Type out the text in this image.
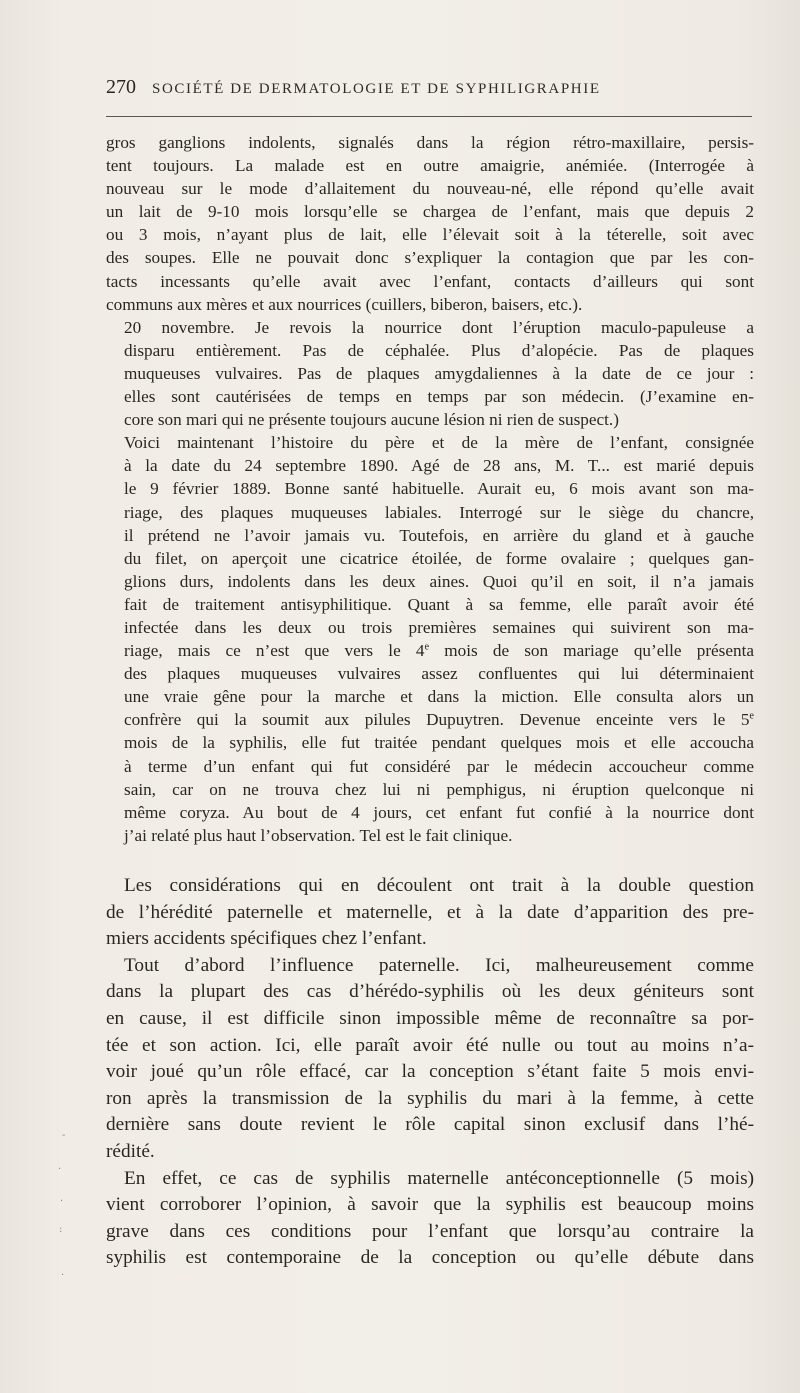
270 SOCIÉTÉ DE DERMATOLOGIE ET DE SYPHILIGRAPHIE

gros ganglions indolents, signalés dans la région rétro-maxillaire, persis-
tent toujours. La malade est en outre amaigrie, anémiée. (Interrogée à
nouveau sur le mode d’allaitement du nouveau-né, elle répond qu’elle avait
un lait de 9-10 mois lorsqu’elle se chargea de l’enfant, mais que depuis 2
ou 3 mois, n’ayant plus de lait, elle l’élevait soit à la téterelle, soit avec
des soupes. Elle ne pouvait donc s’expliquer la contagion que par les con-
tacts incessants qu’elle avait avec l’enfant, contacts d’ailleurs qui sont
communs aux mères et aux nourrices (cuillers, biberon, baisers, etc.).

20 novembre. Je revois la nourrice dont l’éruption maculo-papuleuse a
disparu entièrement. Pas de céphalée. Plus d’alopécie. Pas de plaques
muqueuses vulvaires. Pas de plaques amygdaliennes à la date de ce jour :
elles sont cautérisées de temps en temps par son médecin. (J’examine en-
core son mari qui ne présente toujours aucune lésion ni rien de suspect.)

Voici maintenant l’histoire du père et de la mère de l’enfant, consignée
à la date du 24 septembre 1890. Agé de 28 ans, M. T... est marié depuis
le 9 février 1889. Bonne santé habituelle. Aurait eu, 6 mois avant son ma-
riage, des plaques muqueuses labiales. Interrogé sur le siège du chancre,
il prétend ne l’avoir jamais vu. Toutefois, en arrière du gland et à gauche
du filet, on aperçoit une cicatrice étoilée, de forme ovalaire ; quelques gan-
glions durs, indolents dans les deux aines. Quoi qu’il en soit, il n’a jamais
fait de traitement antisyphilitique. Quant à sa femme, elle paraît avoir été
infectée dans les deux ou trois premières semaines qui suivirent son ma-
riage, mais ce n’est que vers le 4e mois de son mariage qu’elle présenta
des plaques muqueuses vulvaires assez confluentes qui lui déterminaient
une vraie gêne pour la marche et dans la miction. Elle consulta alors un
confrère qui la soumit aux pilules Dupuytren. Devenue enceinte vers le 5e
mois de la syphilis, elle fut traitée pendant quelques mois et elle accoucha
à terme d’un enfant qui fut considéré par le médecin accoucheur comme
sain, car on ne trouva chez lui ni pemphigus, ni éruption quelconque ni
même coryza. Au bout de 4 jours, cet enfant fut confié à la nourrice dont
j’ai relaté plus haut l’observation. Tel est le fait clinique.

Les considérations qui en découlent ont trait à la double question
de l’hérédité paternelle et maternelle, et à la date d’apparition des pre-
miers accidents spécifiques chez l’enfant.

Tout d’abord l’influence paternelle. Ici, malheureusement comme
dans la plupart des cas d’hérédo-syphilis où les deux géniteurs sont
en cause, il est difficile sinon impossible même de reconnaître sa por-
tée et son action. Ici, elle paraît avoir été nulle ou tout au moins n’a-
voir joué qu’un rôle effacé, car la conception s’étant faite 5 mois envi-
ron après la transmission de la syphilis du mari à la femme, à cette
dernière sans doute revient le rôle capital sinon exclusif dans l’hé-
rédité.

En effet, ce cas de syphilis maternelle antéconceptionnelle (5 mois)
vient corroborer l’opinion, à savoir que la syphilis est beaucoup moins
grave dans ces conditions pour l’enfant que lorsqu’au contraire la
syphilis est contemporaine de la conception ou qu’elle débute dans

-
·
·
:
·
